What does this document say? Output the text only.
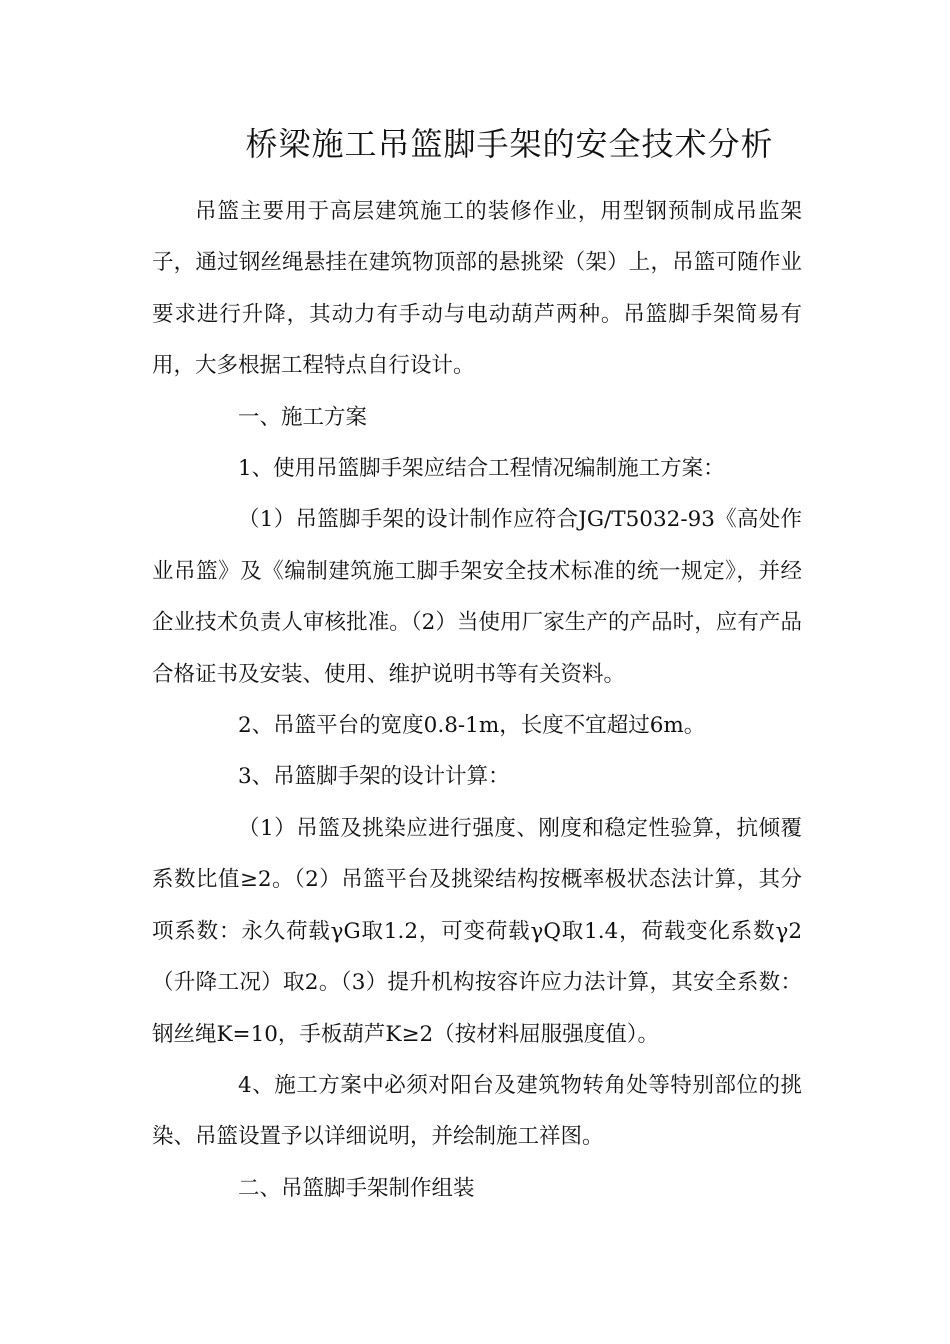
桥梁施工吊篮脚手架的安全技术分析

吊篮主要用于高层建筑施工的装修作业，用型钢预制成吊监架子，通过钢丝绳悬挂在建筑物顶部的悬挑梁（架）上，吊篮可随作业要求进行升降，其动力有手动与电动葫芦两种。吊篮脚手架简易有用，大多根据工程特点自行设计。

一、施工方案

1、使用吊篮脚手架应结合工程情况编制施工方案：

（1）吊篮脚手架的设计制作应符合JG/T5032-93《高处作业吊篮》及《编制建筑施工脚手架安全技术标准的统一规定》，并经企业技术负责人审核批准。（2）当使用厂家生产的产品时，应有产品合格证书及安装、使用、维护说明书等有关资料。

2、吊篮平台的宽度0.8-1m，长度不宜超过6m。

3、吊篮脚手架的设计计算：

（1）吊篮及挑染应进行强度、刚度和稳定性验算，抗倾覆系数比值≥2。（2）吊篮平台及挑梁结构按概率极状态法计算，其分项系数：永久荷载γG取1.2，可变荷载γQ取1.4，荷载变化系数γ2（升降工况）取2。（3）提升机构按容许应力法计算，其安全系数：钢丝绳K=10，手板葫芦K≥2（按材料屈服强度值）。

4、施工方案中必须对阳台及建筑物转角处等特别部位的挑染、吊篮设置予以详细说明，并绘制施工祥图。

二、吊篮脚手架制作组装
